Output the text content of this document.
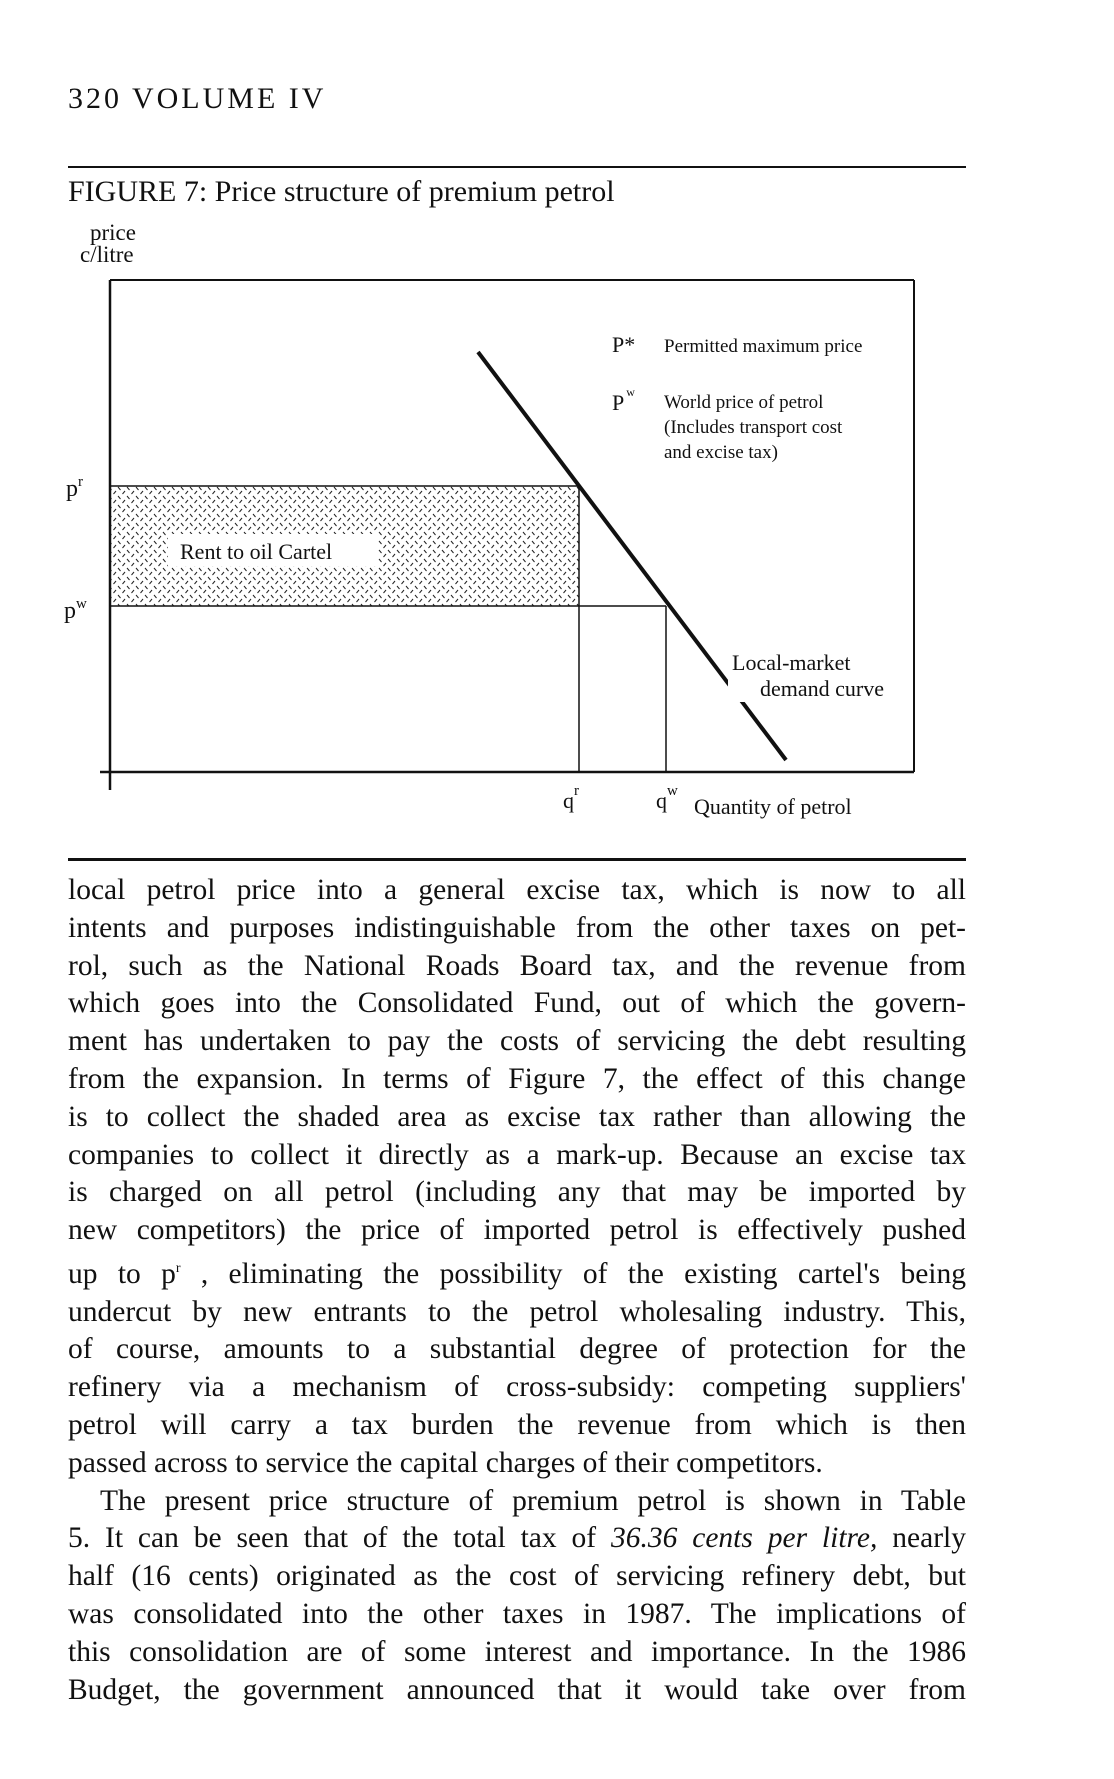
320 VOLUME IV
FIGURE 7: Price structure of premium petrol
price
c/litre
Rent to oil Cartel
$p^r$
$p^w$
P* Permitted maximum price
P $^w$ World price of petrol
(Includes transport cost
and excise tax)
Local-market
demand curve
$q^r$	$q^w$
Quantity of petrol

local petrol price into a general excise tax, which is now to all

intents and purposes indistinguishable from the other taxes on pet-

rol, such as the National Roads Board tax, and the revenue from

which goes into the Consolidated Fund, out of which the govern-

ment has undertaken to pay the costs of servicing the debt resulting

from the expansion. In terms of Figure 7, the effect of this change

is to collect the shaded area as excise tax rather than allowing the

companies to collect it directly as a mark-up. Because an excise tax

is charged on all petrol (including any that may be imported by

new competitors) the price of imported petrol is effectively pushed

up to $p^r$ , eliminating the possibility of the existing cartel's being

undercut by new entrants to the petrol wholesaling industry. This,

of course, amounts to a substantial degree of protection for the

refinery via a mechanism of cross-subsidy: competing suppliers'

petrol will carry a tax burden the revenue from which is then

passed across to service the capital charges of their competitors.

The present price structure of premium petrol is shown in Table

5. It can be seen that of the total tax of 36.36 cents per litre, nearly

half (16 cents) originated as the cost of servicing refinery debt, but

was consolidated into the other taxes in 1987. The implications of

this consolidation are of some interest and importance. In the 1986

Budget, the government announced that it would take over from
